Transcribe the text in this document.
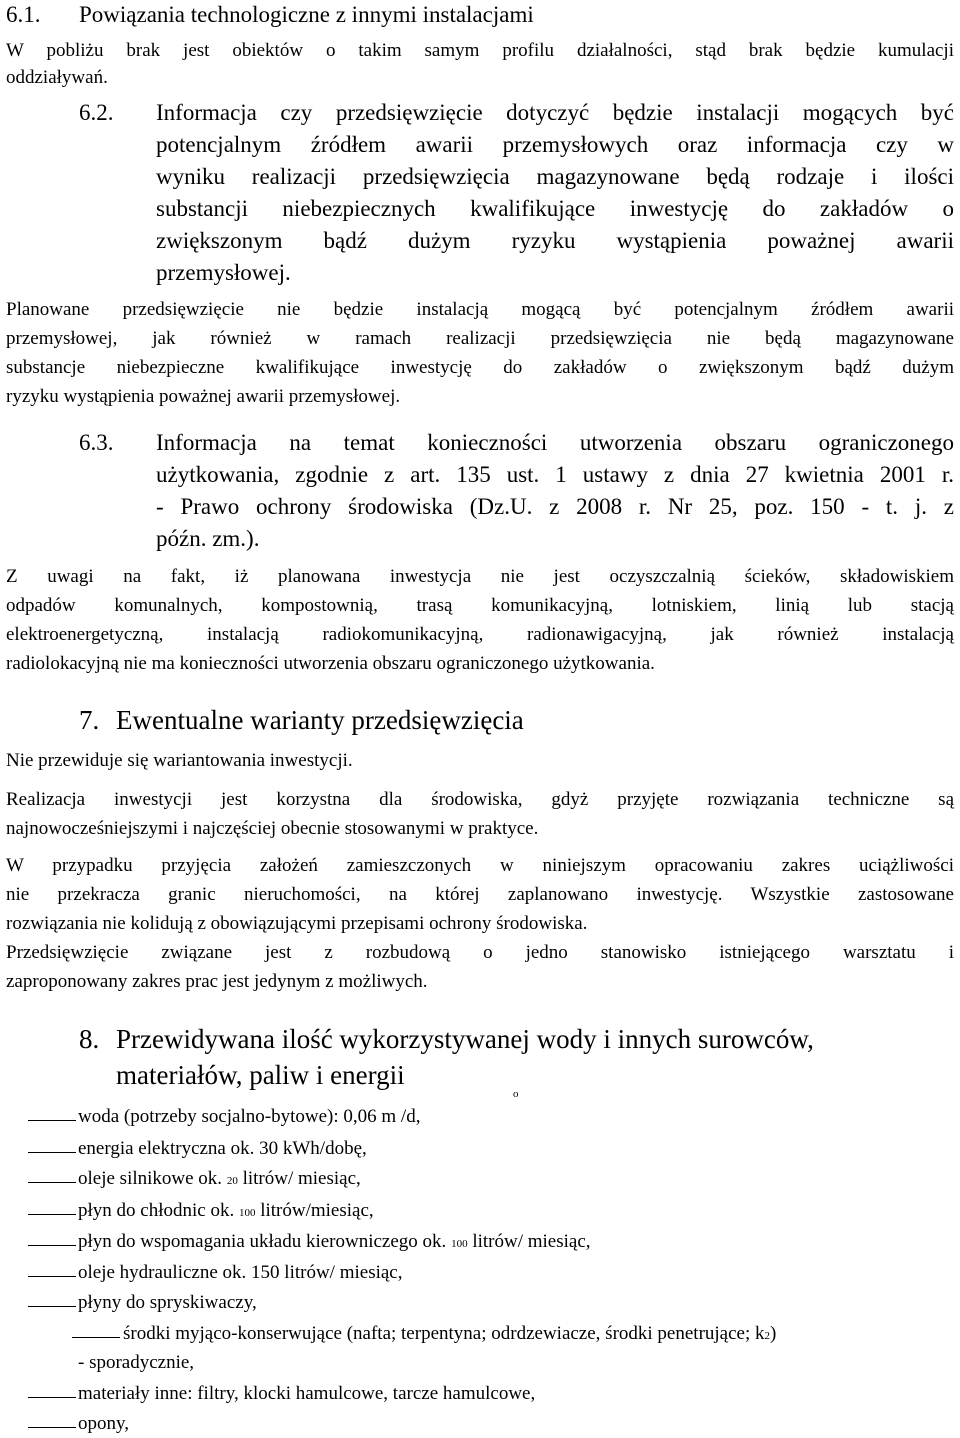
6.1. Powiązania technologiczne z innymi instalacjami
W pobliżu brak jest obiektów o takim samym profilu działalności, stąd brak będzie kumulacji
oddziaływań.
6.2. Informacja czy przedsięwzięcie dotyczyć będzie instalacji mogących być
potencjalnym źródłem awarii przemysłowych oraz informacja czy w
wyniku realizacji przedsięwzięcia magazynowane będą rodzaje i ilości
substancji niebezpiecznych kwalifikujące inwestycję do zakładów o
zwiększonym bądź dużym ryzyku wystąpienia poważnej awarii
przemysłowej.
Planowane przedsięwzięcie nie będzie instalacją mogącą być potencjalnym źródłem awarii
przemysłowej, jak również w ramach realizacji przedsięwzięcia nie będą magazynowane
substancje niebezpieczne kwalifikujące inwestycję do zakładów o zwiększonym bądź dużym
ryzyku wystąpienia poważnej awarii przemysłowej.
6.3. Informacja na temat konieczności utworzenia obszaru ograniczonego
użytkowania, zgodnie z art. 135 ust. 1 ustawy z dnia 27 kwietnia 2001 r.
- Prawo ochrony środowiska (Dz.U. z 2008 r. Nr 25, poz. 150 - t. j. z
późn. zm.).
Z uwagi na fakt, iż planowana inwestycja nie jest oczyszczalnią ścieków, składowiskiem
odpadów komunalnych, kompostownią, trasą komunikacyjną, lotniskiem, linią lub stacją
elektroenergetyczną, instalacją radiokomunikacyjną, radionawigacyjną, jak również instalacją
radiolokacyjną nie ma konieczności utworzenia obszaru ograniczonego użytkowania.
7. Ewentualne warianty przedsięwzięcia
Nie przewiduje się wariantowania inwestycji.
Realizacja inwestycji jest korzystna dla środowiska, gdyż przyjęte rozwiązania techniczne są
najnowocześniejszymi i najczęściej obecnie stosowanymi w praktyce.
W przypadku przyjęcia założeń zamieszczonych w niniejszym opracowaniu zakres uciążliwości
nie przekracza granic nieruchomości, na której zaplanowano inwestycję. Wszystkie zastosowane
rozwiązania nie kolidują z obowiązującymi przepisami ochrony środowiska.
Przedsięwzięcie związane jest z rozbudową o jedno stanowisko istniejącego warsztatu i
zaproponowany zakres prac jest jedynym z możliwych.
8. Przewidywana ilość wykorzystywanej wody i innych surowców,
materiałów, paliw i energii
o
woda (potrzeby socjalno-bytowe): 0,06 m /d,
energia elektryczna ok. 30 kWh/dobę,
oleje silnikowe ok. 20 litrów/ miesiąc,
płyn do chłodnic ok. 100 litrów/miesiąc,
płyn do wspomagania układu kierowniczego ok. 100 litrów/ miesiąc,
oleje hydrauliczne ok. 150 litrów/ miesiąc,
płyny do spryskiwaczy,
środki myjąco-konserwujące (nafta; terpentyna; odrdzewiacze, środki penetrujące; k2)
- sporadycznie,
materiały inne: filtry, klocki hamulcowe, tarcze hamulcowe,
opony,
